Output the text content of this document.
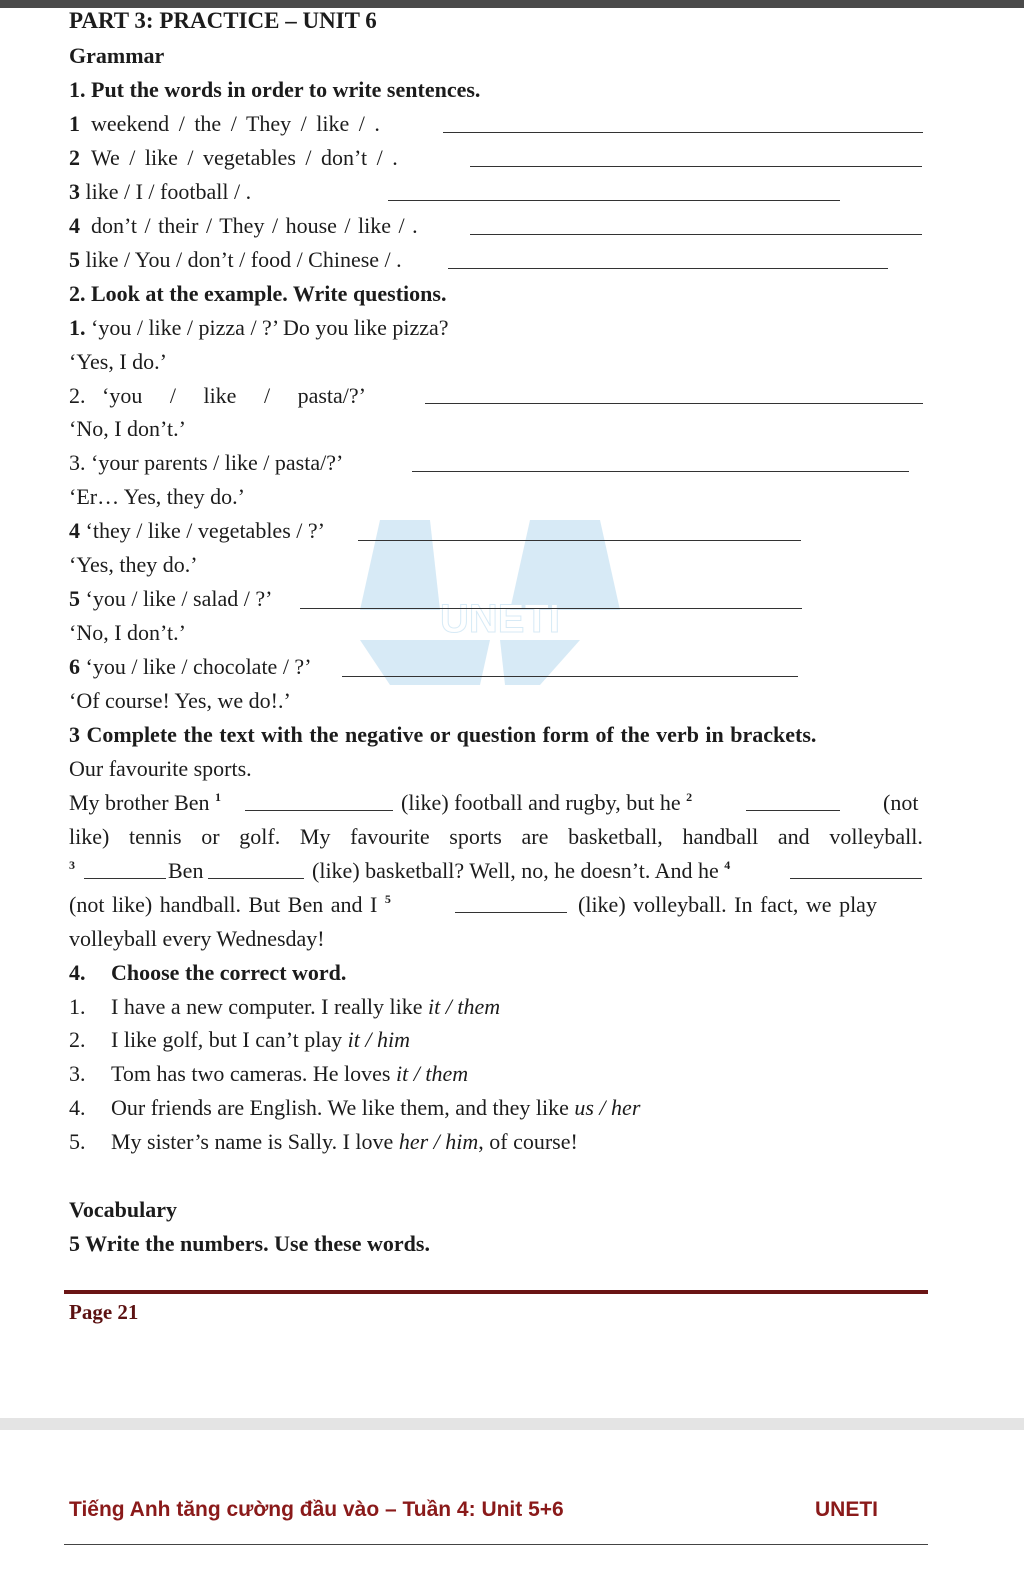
UNETI
PART 3: PRACTICE – UNIT 6
Grammar
1. Put the words in order to write sentences.
1 weekend / the / They / like / .
2 We / like / vegetables / don’t / .
3 like / I / football / .
4 don’t / their / They / house / like / .
5 like / You / don’t / food / Chinese / .
2. Look at the example. Write questions.
1. ‘you / like / pizza / ?’ Do you like pizza?
‘Yes, I do.’
2. ‘you / like / pasta/?’
‘No, I don’t.’
3. ‘your parents / like / pasta/?’
‘Er… Yes, they do.’
4 ‘they / like / vegetables / ?’
‘Yes, they do.’
5 ‘you / like / salad / ?’
‘No, I don’t.’
6 ‘you / like / chocolate / ?’
‘Of course! Yes, we do!.’
3 Complete the text with the negative or question form of the verb in brackets.
Our favourite sports.
My brother Ben $^1$	(like) football and rugby, but he $^2$	(not
like) tennis or golf. My favourite sports are basketball, handball and volleyball.
$^3$	Ben	(like) basketball? Well, no, he doesn’t. And he $^4$
(not like) handball. But Ben and I $^5$	(like) volleyball. In fact, we play
volleyball every Wednesday!
4. Choose the correct word.
1. I have a new computer. I really like it / them
2. I like golf, but I can’t play it / him
3. Tom has two cameras. He loves it / them
4. Our friends are English. We like them, and they like us / her
5. My sister’s name is Sally. I love her / him, of course!
Vocabulary
5 Write the numbers. Use these words.
Page 21
Tiếng Anh tăng cường đầu vào – Tuần 4: Unit 5+6	UNETI
